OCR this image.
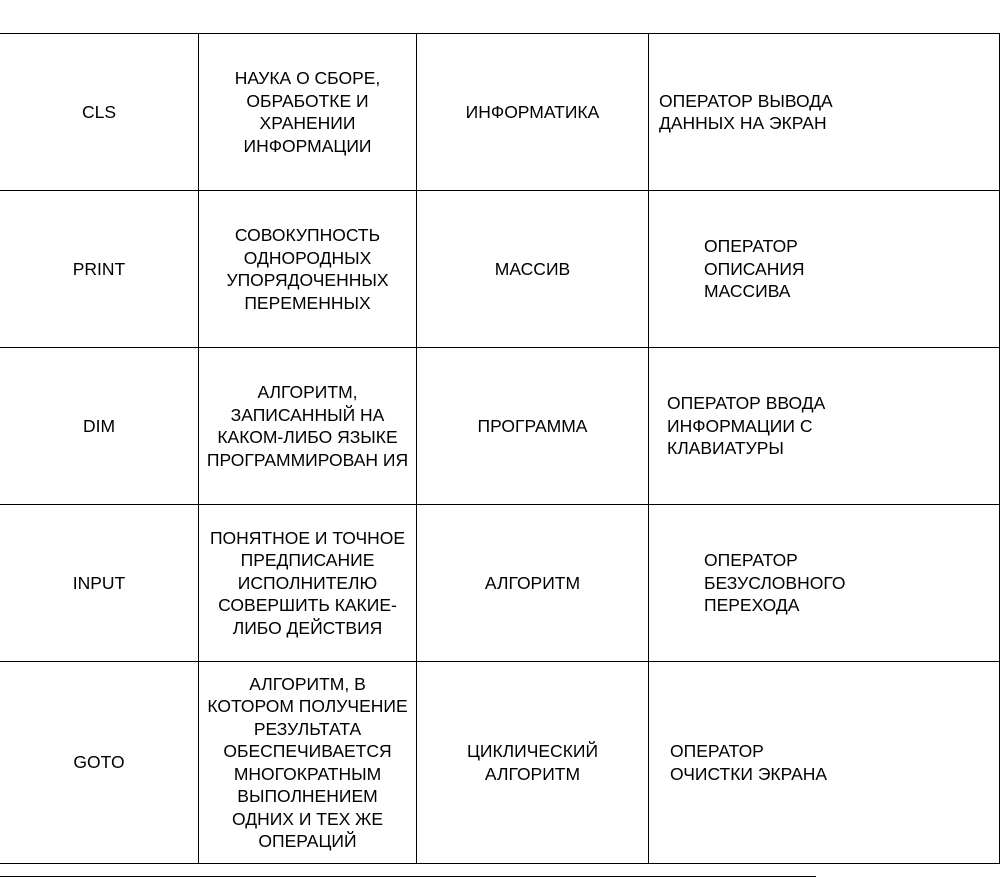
CLS	НАУКА О СБОРЕ, ОБРАБОТКЕ И ХРАНЕНИИ ИНФОРМАЦИИ	ИНФОРМАТИКА	ОПЕРАТОР ВЫВОДА
ДАННЫХ НА ЭКРАН

PRINT	СОВОКУПНОСТЬ ОДНОРОДНЫХ УПОРЯДОЧЕННЫХ ПЕРЕМЕННЫХ	МАССИВ	ОПЕРАТОР
ОПИСАНИЯ
МАССИВА

DIM	АЛГОРИТМ, ЗАПИСАННЫЙ НА КАКОМ-ЛИБО ЯЗЫКЕ ПРОГРАММИРОВАН ИЯ	ПРОГРАММА	ОПЕРАТОР ВВОДА
ИНФОРМАЦИИ С
КЛАВИАТУРЫ

INPUT	ПОНЯТНОЕ И ТОЧНОЕ ПРЕДПИСАНИЕ ИСПОЛНИТЕЛЮ СОВЕРШИТЬ КАКИЕ-ЛИБО ДЕЙСТВИЯ	АЛГОРИТМ	ОПЕРАТОР
БЕЗУСЛОВНОГО
ПЕРЕХОДА

GOTO	АЛГОРИТМ, В КОТОРОМ ПОЛУЧЕНИЕ РЕЗУЛЬТАТА ОБЕСПЕЧИВАЕТСЯ МНОГОКРАТНЫМ ВЫПОЛНЕНИЕМ ОДНИХ И ТЕХ ЖЕ ОПЕРАЦИЙ	ЦИКЛИЧЕСКИЙ АЛГОРИТМ	ОПЕРАТОР
ОЧИСТКИ ЭКРАНА
